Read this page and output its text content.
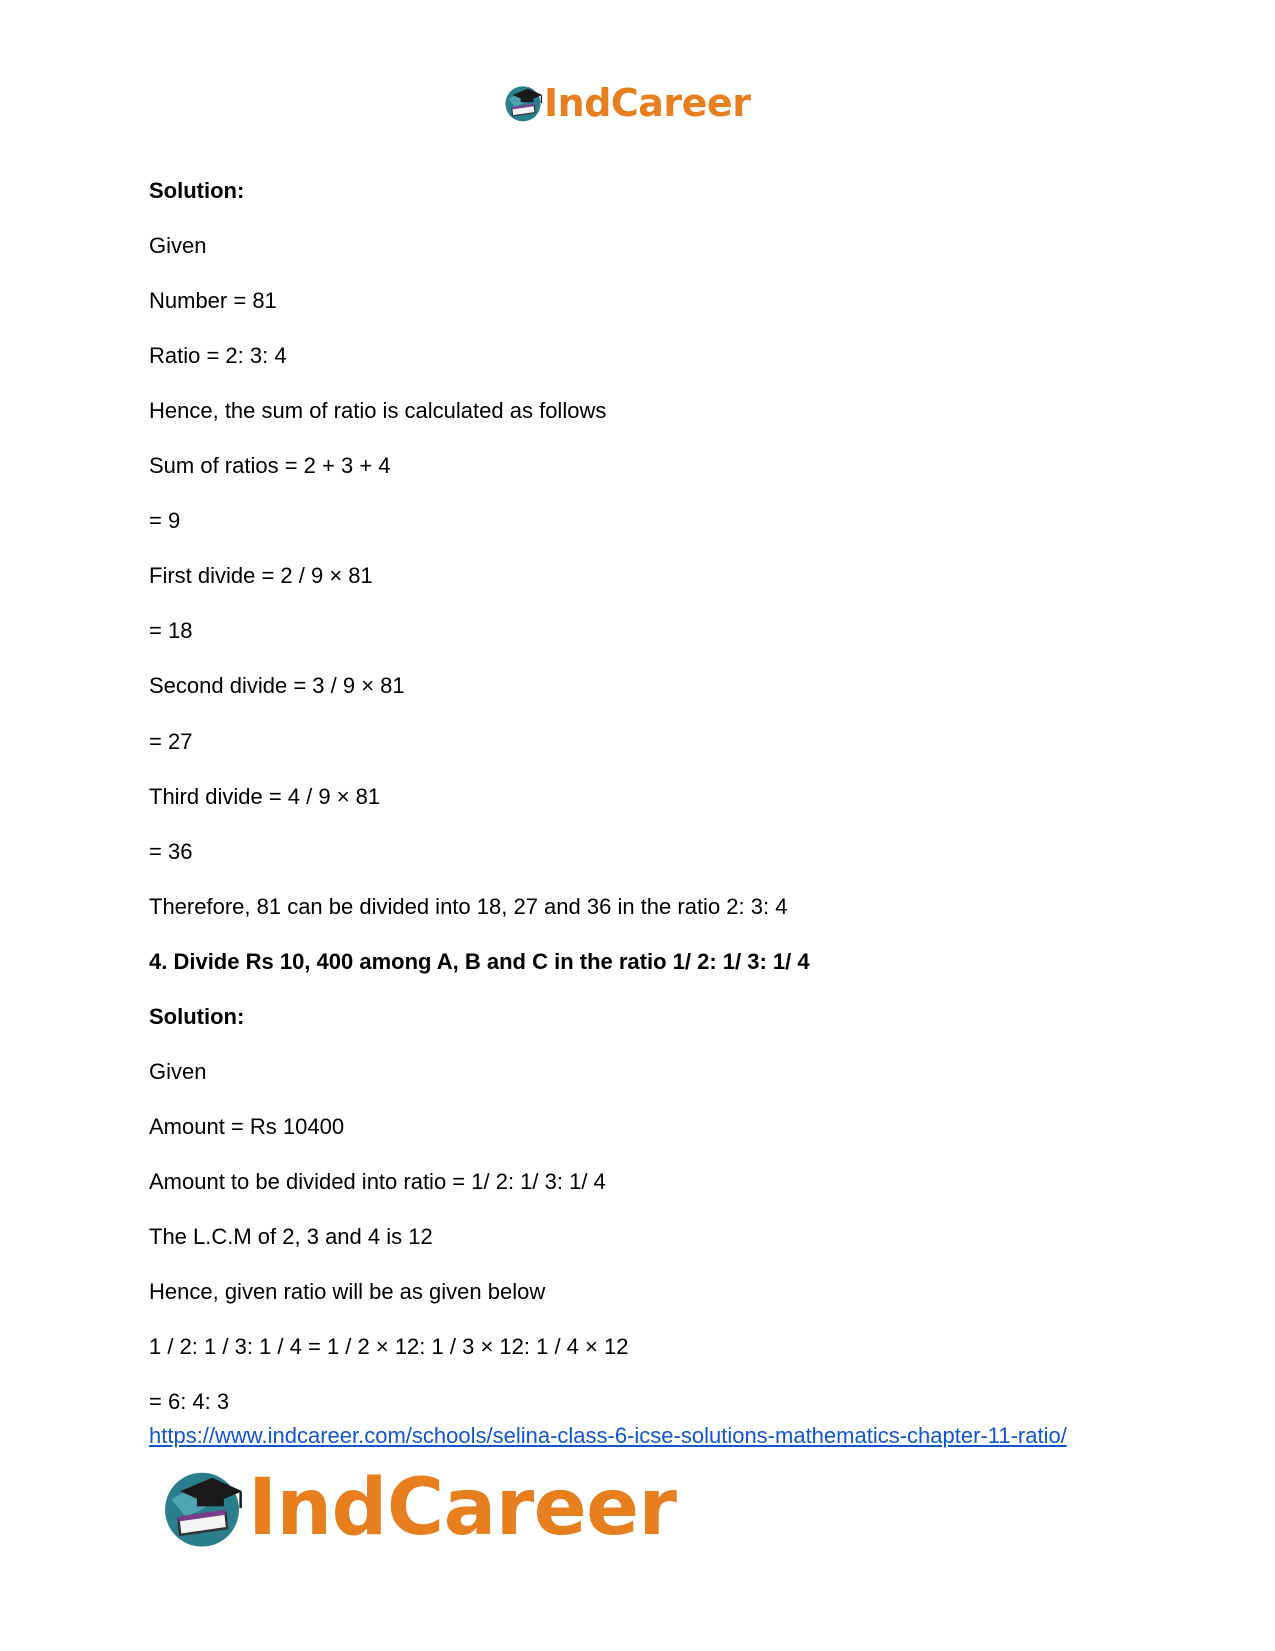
IndCareer
Solution:
Given
Number = 81
Ratio = 2: 3: 4
Hence, the sum of ratio is calculated as follows
Sum of ratios = 2 + 3 + 4
= 9
First divide = 2 / 9 × 81
= 18
Second divide = 3 / 9 × 81
= 27
Third divide = 4 / 9 × 81
= 36
Therefore, 81 can be divided into 18, 27 and 36 in the ratio 2: 3: 4
4. Divide Rs 10, 400 among A, B and C in the ratio 1/ 2: 1/ 3: 1/ 4
Solution:
Given
Amount = Rs 10400
Amount to be divided into ratio = 1/ 2: 1/ 3: 1/ 4
The L.C.M of 2, 3 and 4 is 12
Hence, given ratio will be as given below
1 / 2: 1 / 3: 1 / 4 = 1 / 2 × 12: 1 / 3 × 12: 1 / 4 × 12
= 6: 4: 3
https://www.indcareer.com/schools/selina-class-6-icse-solutions-mathematics-chapter-11-ratio/
IndCareer
